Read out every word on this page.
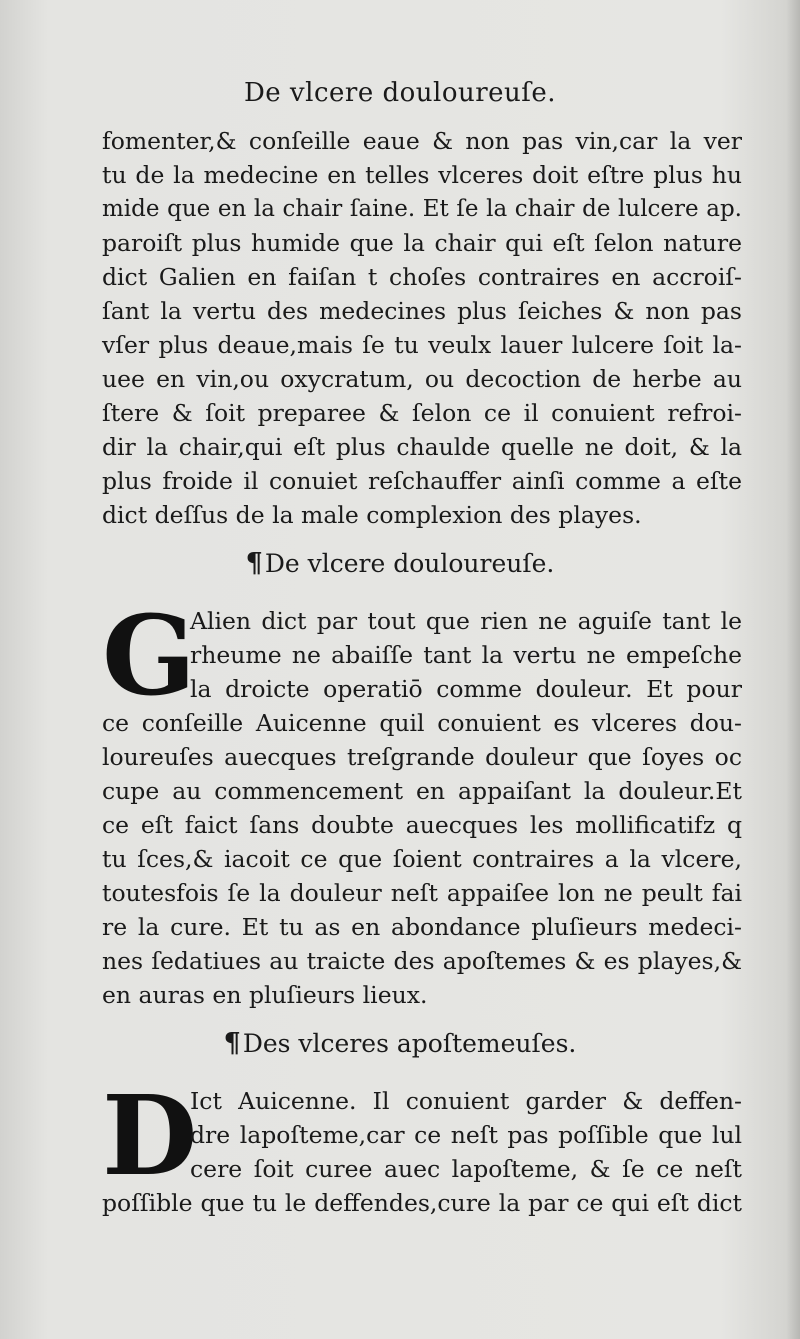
De vlcere douloureuſe.
fomenter,& conſeille eaue & non pas vin,car la ver
tu de la medecine en telles vlceres doit eſtre plus hu
mide que en la chair ſaine. Et ſe la chair de lulcere ap.
paroiſt plus humide que la chair qui eſt ſelon nature
dict Galien en faiſan t choſes contraires en accroiſ-
ſant la vertu des medecines plus ſeiches & non pas
vſer plus deaue,mais ſe tu veulx lauer lulcere ſoit la-
uee en vin,ou oxycratum, ou decoction de herbe au
ſtere & ſoit preparee & ſelon ce il conuient refroi-
dir la chair,qui eſt plus chaulde quelle ne doit, & la
plus froide il conuiet reſchauffer ainſi comme a eſte
dict deſſus de la male complexion des playes.
¶De vlcere douloureuſe.
G
Alien dict par tout que rien ne aguiſe tant le
rheume ne abaiſſe tant la vertu ne empeſche
la droicte operatiō comme douleur. Et pour
ce conſeille Auicenne quil conuient es vlceres dou-
loureuſes auecques treſgrande douleur que ſoyes oc
cupe au commencement en appaiſant la douleur.Et
ce eſt faict ſans doubte auecques les mollificatifz q
tu ſces,& iacoit ce que ſoient contraires a la vlcere,
toutesfois ſe la douleur neſt appaiſee lon ne peult fai
re la cure. Et tu as en abondance pluſieurs medeci-
nes ſedatiues au traicte des apoſtemes & es playes,&
en auras en pluſieurs lieux.
¶Des vlceres apoſtemeuſes.
D
Ict Auicenne. Il conuient garder & deffen-
dre lapoſteme,car ce neſt pas poſſible que lul
cere ſoit curee auec lapoſteme, & ſe ce neſt
poſſible que tu le deffendes,cure la par ce qui eſt dict
